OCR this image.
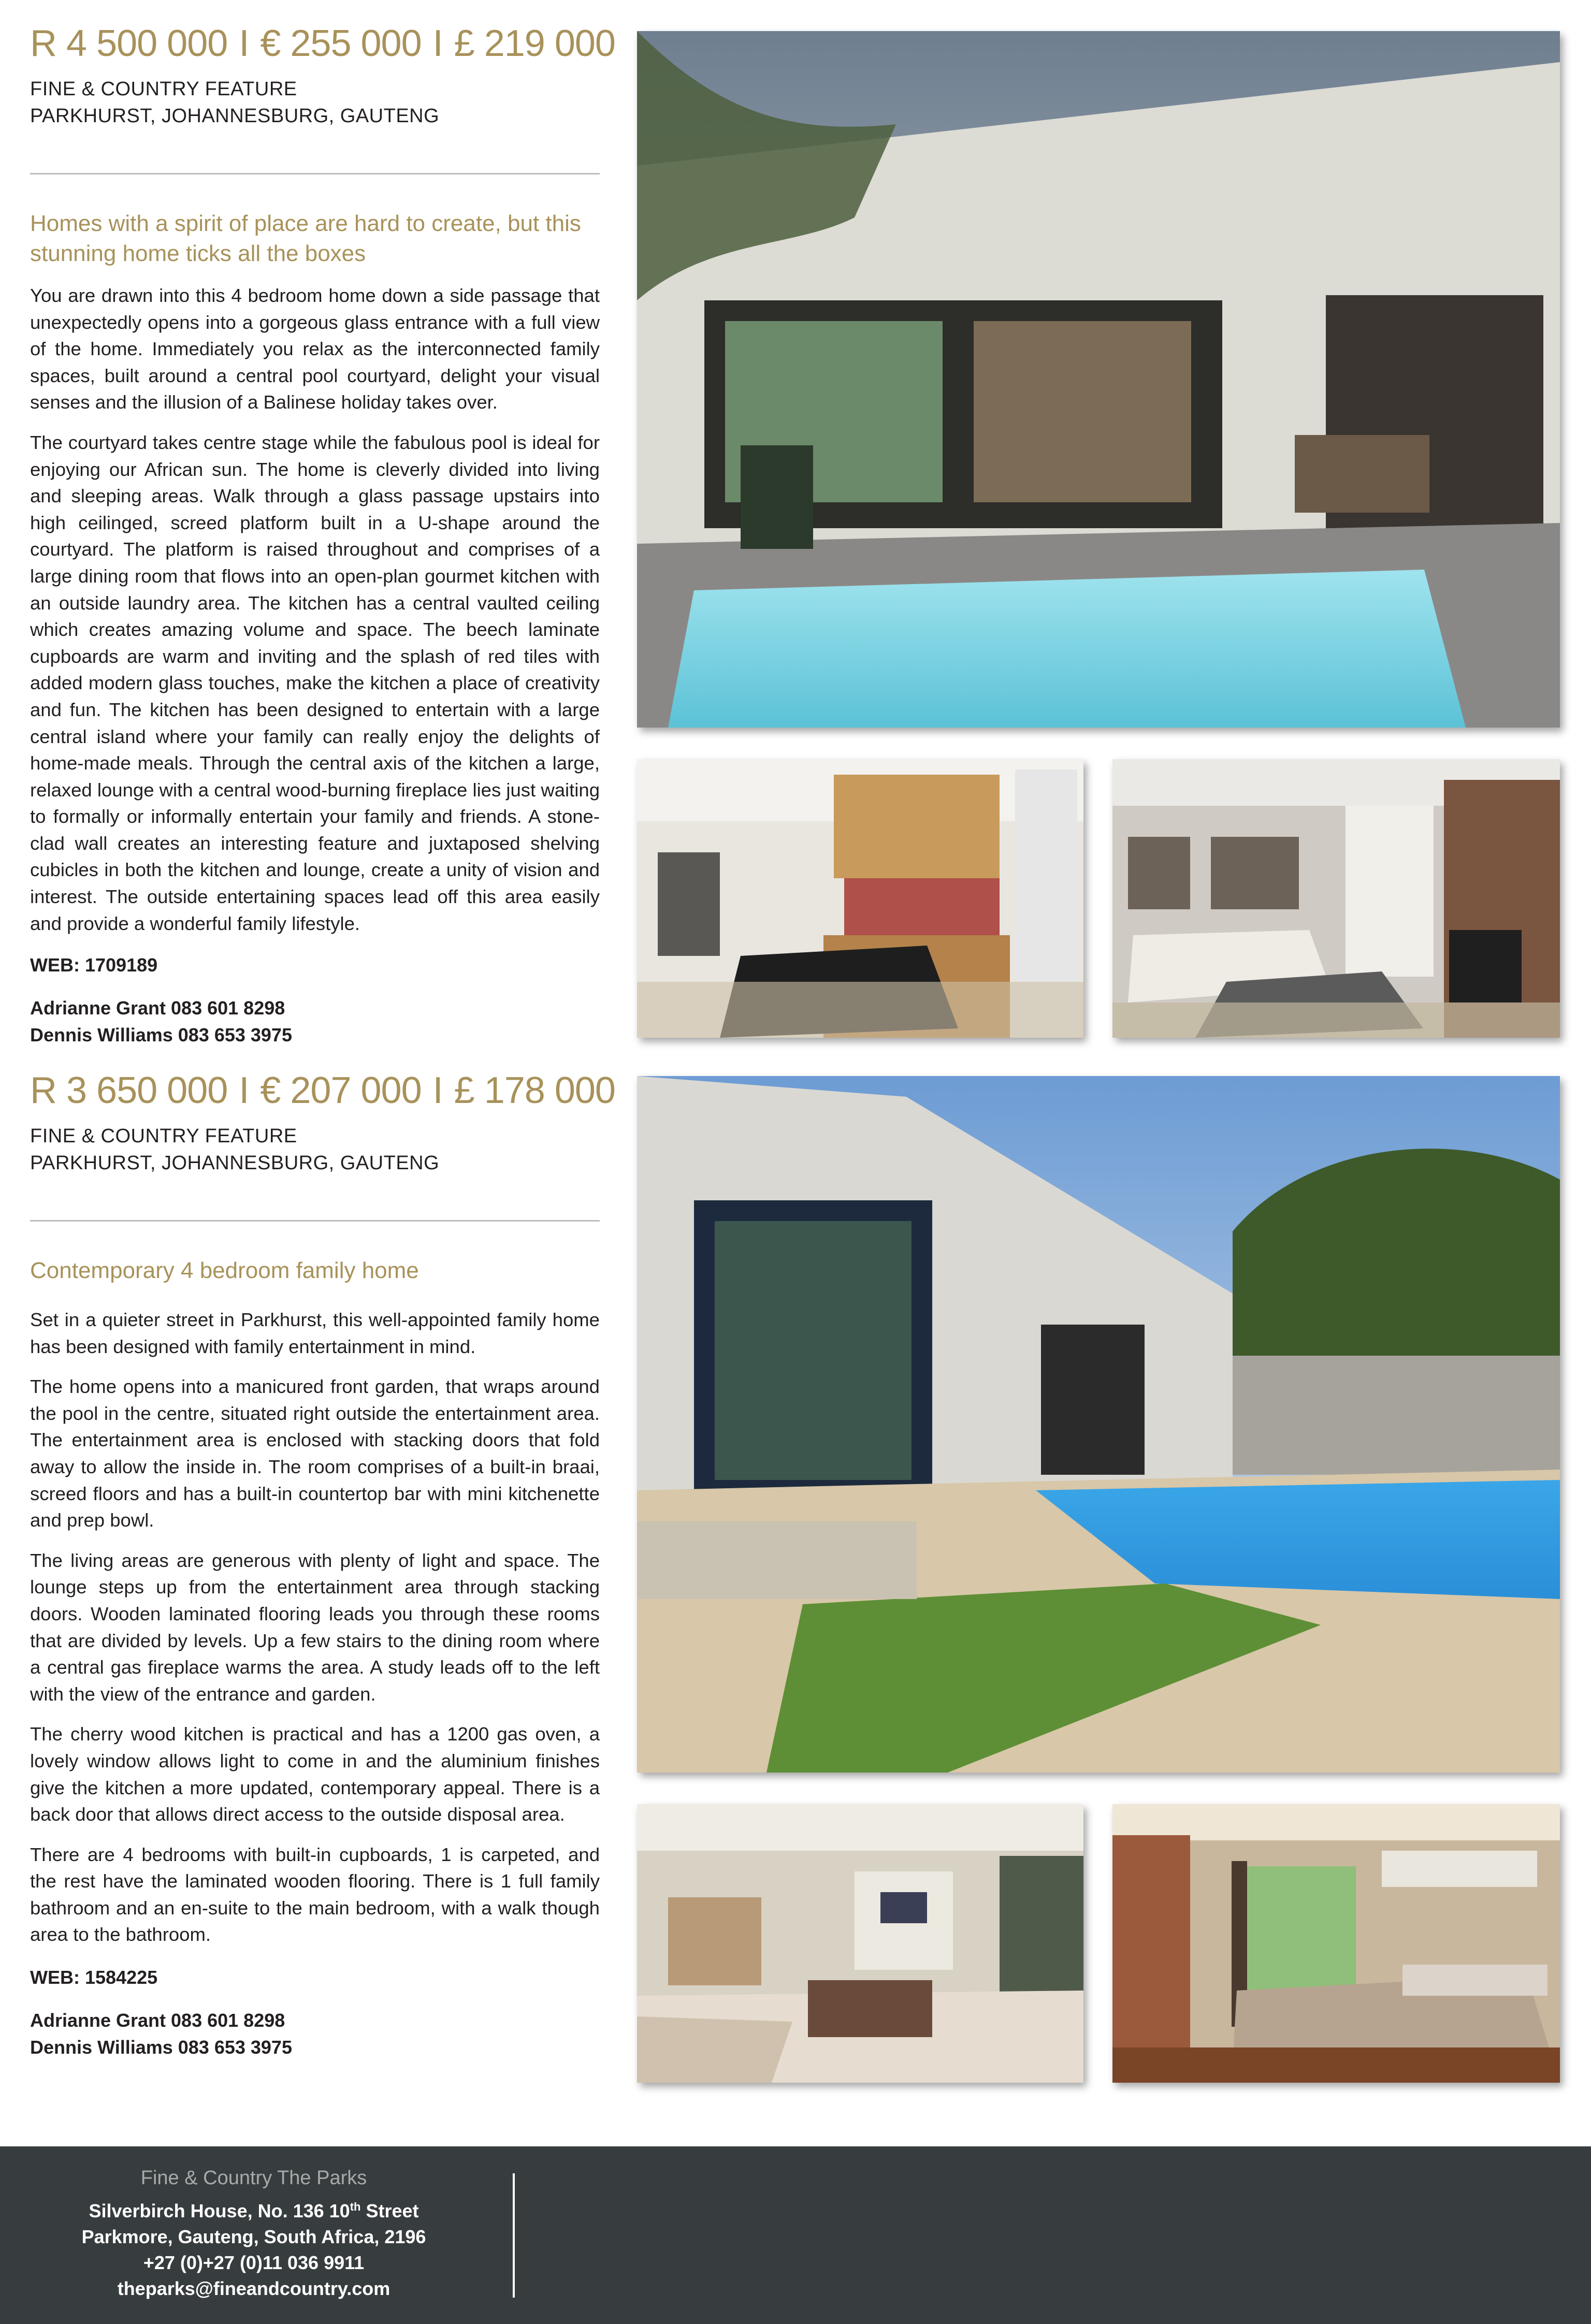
R 4 500 000 I € 255 000 I £ 219 000

FINE & COUNTRY FEATURE

PARKHURST, JOHANNESBURG, GAUTENG

Homes with a spirit of place are hard to create, but this stunning home ticks all the boxes

You are drawn into this 4 bedroom home down a side passage that unexpectedly opens into a gorgeous glass entrance with a full view of the home. Immediately you relax as the interconnected family spaces, built around a central pool courtyard, delight your visual senses and the illusion of a Balinese holiday takes over.

The courtyard takes centre stage while the fabulous pool is ideal for enjoying our African sun. The home is cleverly divided into living and sleeping areas. Walk through a glass passage upstairs into high ceilinged, screed platform built in a U-shape around the courtyard. The platform is raised throughout and comprises of a large dining room that flows into an open-plan gourmet kitchen with an outside laundry area. The kitchen has a central vaulted ceiling which creates amazing volume and space. The beech laminate cupboards are warm and inviting and the splash of red tiles with added modern glass touches, make the kitchen a place of creativity and fun. The kitchen has been designed to entertain with a large central island where your family can really enjoy the delights of home-made meals. Through the central axis of the kitchen a large, relaxed lounge with a central wood-burning fireplace lies just waiting to formally or informally entertain your family and friends. A stone-clad wall creates an interesting feature and juxtaposed shelving cubicles in both the kitchen and lounge, create a unity of vision and interest. The outside entertaining spaces lead off this area easily and provide a wonderful family lifestyle.

WEB: 1709189

Adrianne Grant 083 601 8298

Dennis Williams 083 653 3975

R 3 650 000 I € 207 000 I £ 178 000

FINE & COUNTRY FEATURE

PARKHURST, JOHANNESBURG, GAUTENG

Contemporary 4 bedroom family home

Set in a quieter street in Parkhurst, this well-appointed family home has been designed with family entertainment in mind.

The home opens into a manicured front garden, that wraps around the pool in the centre, situated right outside the entertainment area. The entertainment area is enclosed with stacking doors that fold away to allow the inside in. The room comprises of a built-in braai, screed floors and has a built-in countertop bar with mini kitchenette and prep bowl.

The living areas are generous with plenty of light and space. The lounge steps up from the entertainment area through stacking doors. Wooden laminated flooring leads you through these rooms that are divided by levels. Up a few stairs to the dining room where a central gas fireplace warms the area. A study leads off to the left with the view of the entrance and garden.

The cherry wood kitchen is practical and has a 1200 gas oven, a lovely window allows light to come in and the aluminium finishes give the kitchen a more updated, contemporary appeal. There is a back door that allows direct access to the outside disposal area.

There are 4 bedrooms with built-in cupboards, 1 is carpeted, and the rest have the laminated wooden flooring. There is 1 full family bathroom and an en-suite to the main bedroom, with a walk though area to the bathroom.

WEB: 1584225

Adrianne Grant 083 601 8298

Dennis Williams 083 653 3975

Fine & Country The Parks

Silverbirch House, No. 136 10th Street

Parkmore, Gauteng, South Africa, 2196

+27 (0)+27 (0)11 036 9911

theparks@fineandcountry.com
